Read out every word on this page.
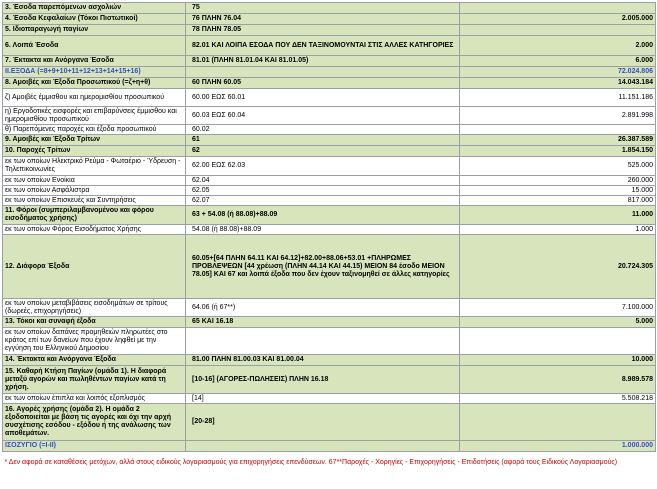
3. Έσοδα παρεπόμενων ασχολιών	75	
4. Έσοδα Κεφαλαίων (Τόκοι Πιστωτικοί)	76 ΠΛΗΝ 76.04	2.005.000
5. Ιδιοπαραγωγή παγίων	78 ΠΛΗΝ 78.05	
6. Λοιπά Έσοδα	82.01 ΚΑΙ ΛΟΙΠΑ ΕΣΟΔΑ ΠΟΥ ΔΕΝ ΤΑΞΙΝΟΜΟΥΝΤΑΙ ΣΤΙΣ ΑΛΛΕΣ ΚΑΤΗΓΟΡΙΕΣ	2.000
7. Έκτακτα και Ανόργανα Έσοδα	81.01 (ΠΛΗΝ 81.01.04 ΚΑΙ 81.01.05)	6.000
ΙΙ.ΕΞΟΔΑ (=8+9+10+11+12+13+14+15+16)		72.024.806
8. Αμοιβές και Έξοδα Προσωπικού (=ζ+η+θ)	60 ΠΛΗΝ 60.05	14.043.184
ζ) Αμοιβές έμμισθου και ημερομισθίου προσωπικού	60.00 ΕΩΣ 60.01	11.151.186
η) Εργοδοτικές εισφορές και επιβαρύνσεις έμμισθου και ημερομισθίου προσωπικού	60.03 ΕΩΣ 60.04	2.891.998
θ) Παρεπόμενες παροχές και έξοδα προσωπικού	60.02	
9. Αμοιβές και Έξοδα Τρίτων	61	26.387.589
10. Παροχές Τρίτων	62	1.854.150
εκ των οποίων Ηλεκτρικό Ρεύμα - Φωταέριο - Ύδρευση - Τηλεπικοινωνίες	62.00 ΕΩΣ 62.03	525.000
εκ των οποίων Ενοίκια	62.04	260.000
εκ των οποίων Ασφάλιστρα	62.05	15.000
εκ των οποίων Επισκευές και Συντηρήσεις	62.07	817.000
11. Φόροι (συμπεριλαμβανομένου και φόρου εισοδήματος χρήσης)	63 + 54.08 (ή 88.08)+88.09	11.000
εκ των οποίων Φόρος Εισοδήματος Χρήσης	54.08 (ή 88.08)+88.09	1.000
12. Διάφορα Έξοδα	60.05+[64 ΠΛΗΝ 64.11 ΚΑΙ 64.12]+82.00+88.06+53.01 +ΠΛΗΡΩΜΕΣ ΠΡΟΒΛΕΨΕΩΝ [44 χρέωση (ΠΛΗΝ 44.14 ΚΑΙ 44.15) ΜΕΙΟΝ 84 έσοδο ΜΕΙΟΝ 78.05] ΚΑΙ 67 και λοιπά έξοδα που δεν έχουν ταξινομηθεί σε άλλες κατηγορίες	20.724.305
εκ των οποίων μεταβιβάσεις εισοδημάτων σε τρίτους (δωρεές, επιχορηγήσεις)	64.06 (ή 67**)	7.100.000
13. Τόκοι και συναφή έξοδα	65 ΚΑΙ 16.18	5.000
εκ των οποίων δαπάνες προμηθειών πληρωτέες στο κράτος επί των δανείων που έχουν ληφθεί με την εγγύηση του Ελληνικού Δημοσίου		
14. Έκτακτα και Ανόργανα Έξοδα	81.00 ΠΛΗΝ 81.00.03 ΚΑΙ 81.00.04	10.000
15. Καθαρή Κτήση Παγίων (ομάδα 1). Η διαφορά μεταξύ αγορών και πωληθέντων παγίων κατά τη χρήση.	[10-16] (ΑΓΟΡΕΣ-ΠΩΛΗΣΕΙΣ) ΠΛΗΝ 16.18	8.989.578
εκ των οποίων έπιπλα και λοιπός εξοπλισμός	[14]	5.508.218
16. Αγορές χρήσης (ομάδα 2). Η ομάδα 2 εξοδοποιείται με βάση τις αγορές και όχι την αρχή συσχέτισης εσόδου - εξόδου ή της ανάλωσης των αποθεμάτων.	[20-28]	
ΙΣΟΖΥΓΙΟ (=Ι-ΙΙ)		1.000.000
* Δεν αφορά σε καταθέσεις μετόχων, αλλά στους ειδικούς λογαριασμούς για επιχορηγήσεις επενδύσεων. 67**Παροχές - Χορηγίες - Επιχορηγήσεις - Επιδοτήσεις (αφορά τους Ειδικούς Λογαριασμούς)		
